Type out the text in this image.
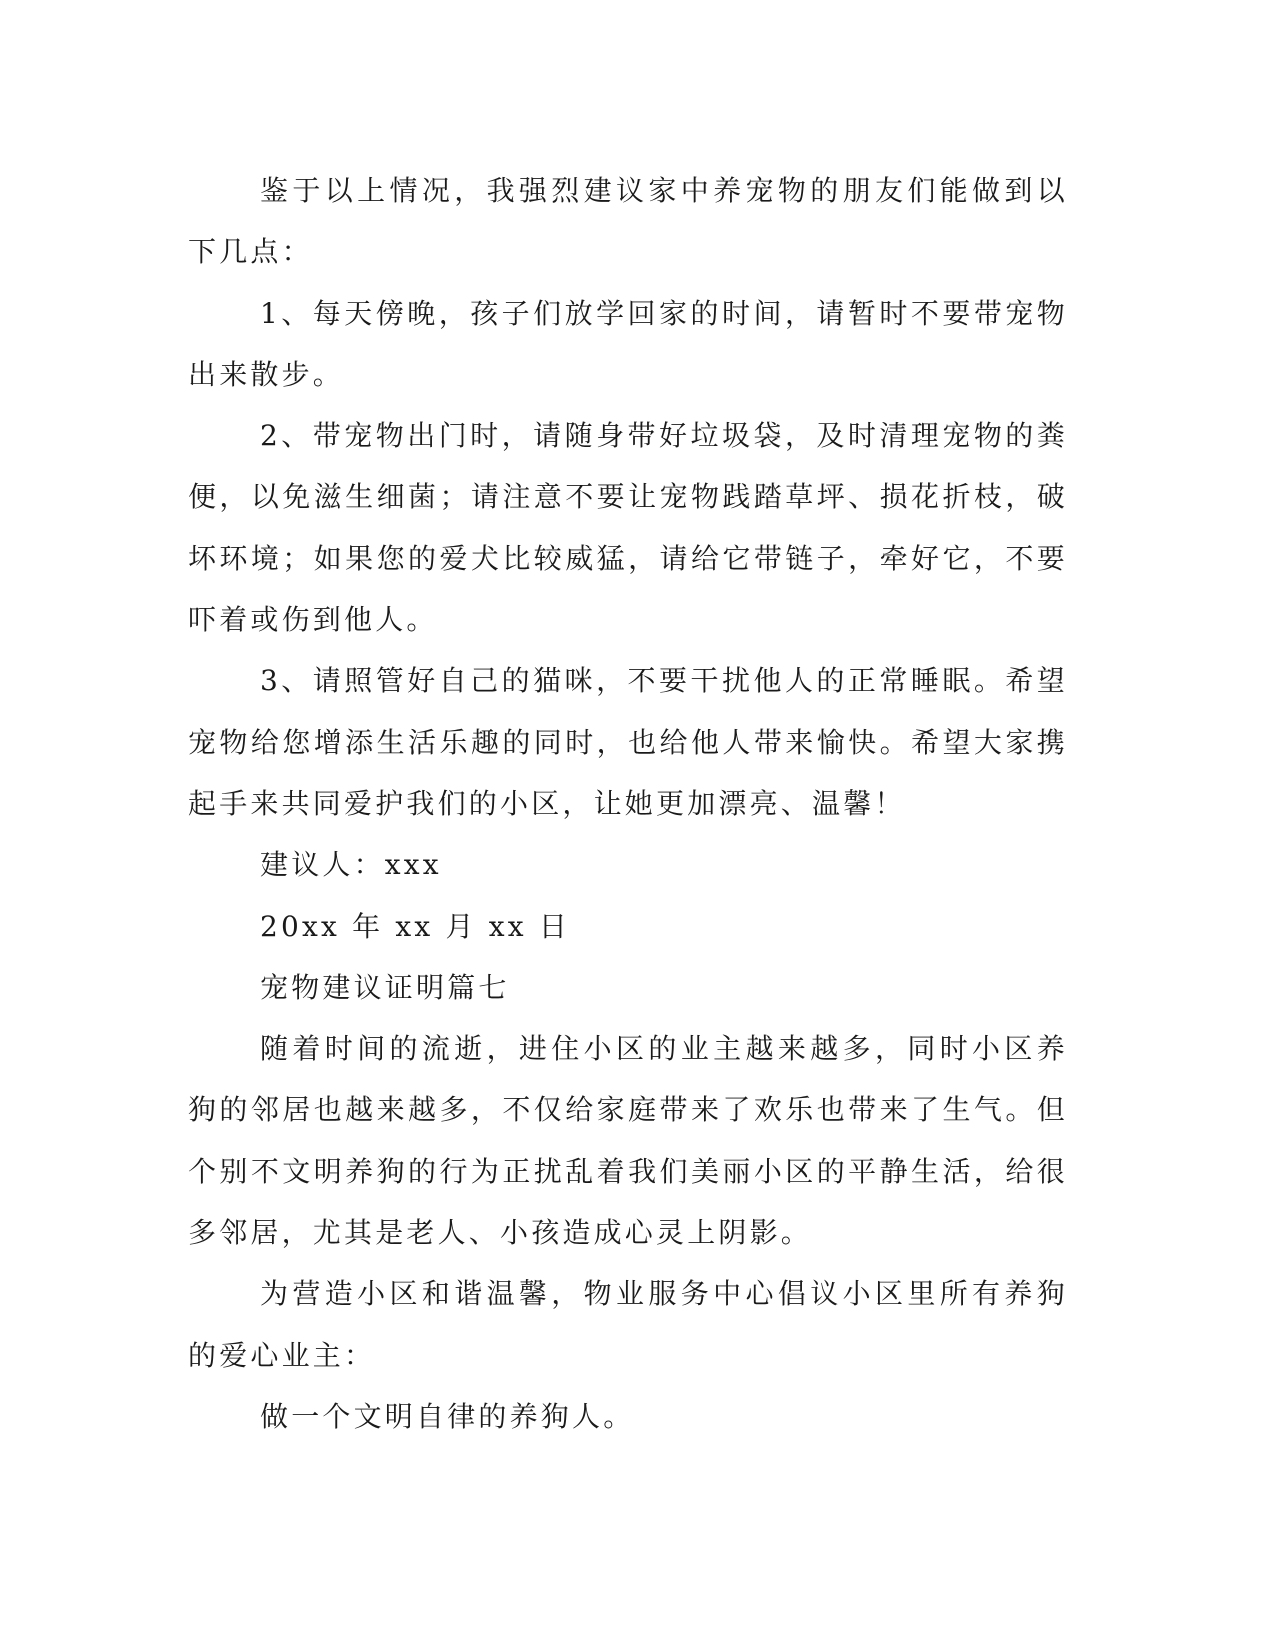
鉴于以上情况，我强烈建议家中养宠物的朋友们能做到以下几点：

1、每天傍晚，孩子们放学回家的时间，请暂时不要带宠物出来散步。

2、带宠物出门时，请随身带好垃圾袋，及时清理宠物的粪便，以免滋生细菌；请注意不要让宠物践踏草坪、损花折枝，破坏环境；如果您的爱犬比较威猛，请给它带链子，牵好它，不要吓着或伤到他人。

3、请照管好自己的猫咪，不要干扰他人的正常睡眠。希望宠物给您增添生活乐趣的同时，也给他人带来愉快。希望大家携起手来共同爱护我们的小区，让她更加漂亮、温馨！

建议人：xxx

20xx 年 xx 月 xx 日

宠物建议证明篇七

随着时间的流逝，进住小区的业主越来越多，同时小区养狗的邻居也越来越多，不仅给家庭带来了欢乐也带来了生气。但个别不文明养狗的行为正扰乱着我们美丽小区的平静生活，给很多邻居，尤其是老人、小孩造成心灵上阴影。

为营造小区和谐温馨，物业服务中心倡议小区里所有养狗的爱心业主：

做一个文明自律的养狗人。
